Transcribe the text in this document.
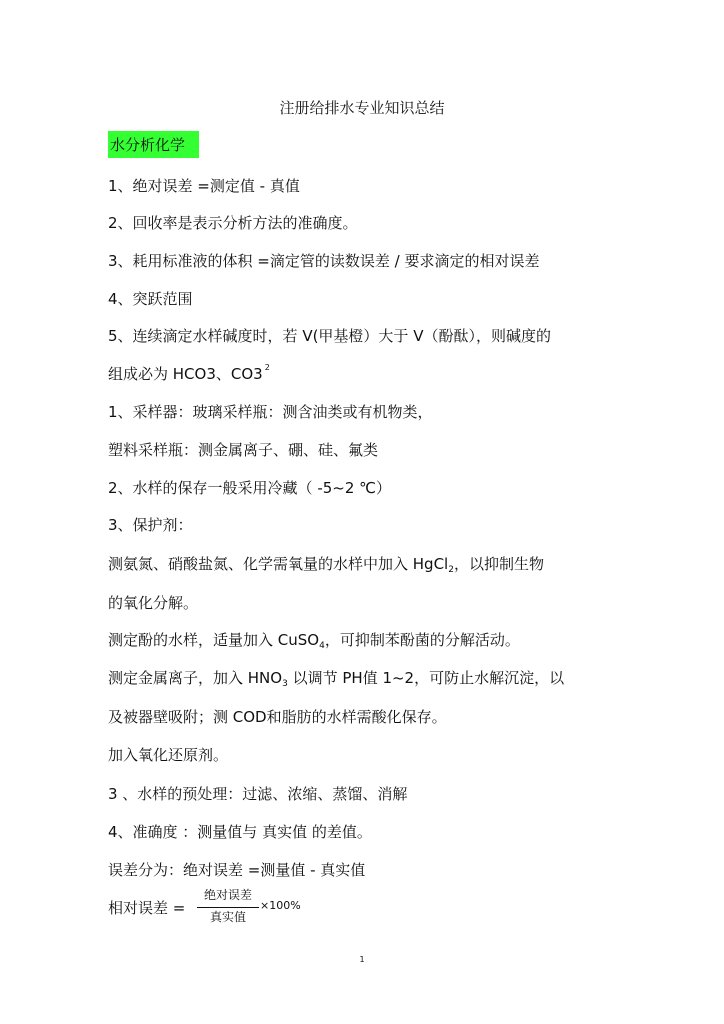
注册给排水专业知识总结
水分析化学
1、绝对误差 =测定值 - 真值
2、回收率是表示分析方法的准确度。
3、耗用标准液的体积 =滴定管的读数误差 / 要求滴定的相对误差
4、突跃范围
5、连续滴定水样碱度时，若 V(甲基橙）大于 V（酚酞），则碱度的
组成必为 HCO3、CO3 $^2$
1、采样器：玻璃采样瓶：测含油类或有机物类，
塑料采样瓶：测金属离子、硼、硅、氟类
2、水样的保存一般采用冷藏（ -5~2 ℃）
3、保护剂：
测氨氮、硝酸盐氮、化学需氧量的水样中加入 HgCl$_2$，以抑制生物
的氧化分解。
测定酚的水样，适量加入 CuSO$_4$，可抑制苯酚菌的分解活动。
测定金属离子，加入 $HNO_3$ 以调节 PH值 1~2，可防止水解沉淀，以
及被器壁吸附；测 COD和脂肪的水样需酸化保存。
加入氧化还原剂。
3 、水样的预处理：过滤、浓缩、蒸馏、消解
4、准确度 ：测量值与 真实值 的差值。
误差分为：绝对误差 =测量值 - 真实值
相对误差 =
绝对误差
真实值
×100%
1
